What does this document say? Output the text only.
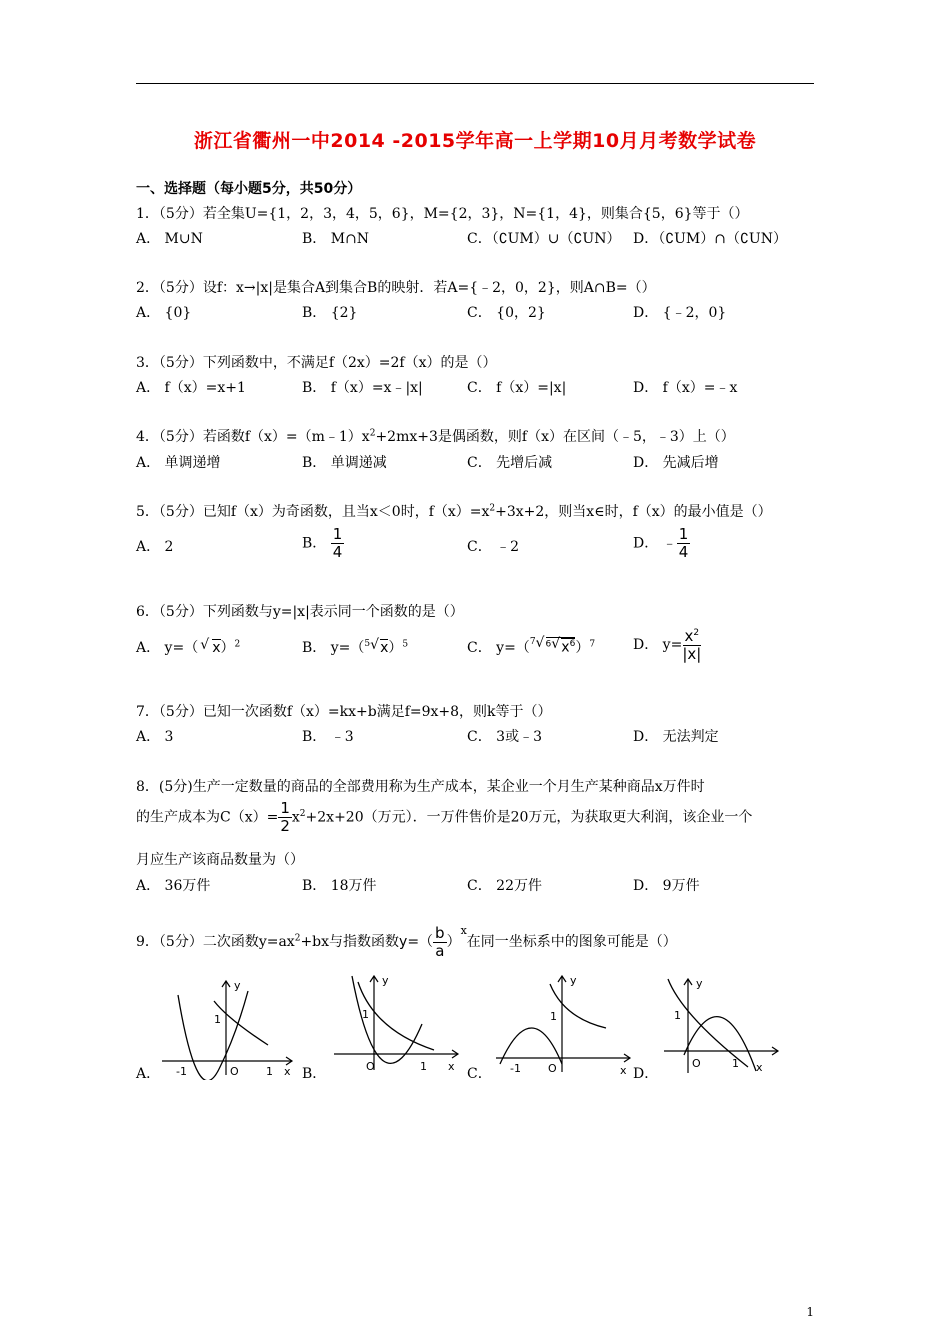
浙江省衢州一中2014 -2015学年高一上学期10月月考数学试卷
一、选择题（每小题5分，共50分）
1．（5分）若全集U={1，2，3，4，5，6}，M={2，3}，N={1，4}，则集合{5，6}等于（）
A． M∪N	B． M∩N	C．（∁UM）∪（∁UN） D．（∁UM）∩（∁UN）
2．（5分）设f：x→|x|是集合A到集合B的映射．若A={﹣2，0，2}，则A∩B=（）
A． {0}	B． {2}	C． {0，2}	D． {﹣2，0}
3．（5分）下列函数中，不满足f（2x）=2f（x）的是（）
A． f（x）=x+1	B． f（x）=x﹣|x|	C． f（x）=|x|	D． f（x）=﹣x
4．（5分）若函数$f(x)=(m﹣1)x^2+2mx+3$是偶函数，则f（x）在区间（﹣5，﹣3）上（）
A． 单调递增	B． 单调递减	C． 先增后减	D． 先减后增
5．（5分）已知f（x）为奇函数，且当x＜0时，$f(x)=x^2+3x+2$，则当x∈时，f（x）的最小值是（）
A． 2	B． $\frac{1}{4}$	C． ﹣2	D． ﹣ $\frac{1}{4}$
6．（5分）下列函数与y=|x|表示同一个函数的是（）
A． y=（ √ x）$^2$	B． y=（$^5$ √ x）$^5$	C． y=（$^7$ √ $^6$ √ $x^6)^7$	D． $y= \frac{x^2}{|x|}$
7．（5分）已知一次函数f（x）=kx+b满足f=9x+8，则k等于（）
A． 3	B． ﹣3	C． 3或﹣3	D． 无法判定
8．(5分)生产一定数量的商品的全部费用称为生产成本，某企业一个月生产某种商品x万件时
的生产成本为$C(x)= \frac{1}{2} x^2+2x+20$（万元）．一万件售价是20万元，为获取更大利润，该企业一个
月应生产该商品数量为（）
A． 36万件	B． 18万件	C． 22万件	D． 9万件
9．（5分）二次函数$y=ax^2+bx$与指数函数$y=( \frac{b}{a} )^x$在同一坐标系中的图象可能是（）
A．
y
x
1
O
-1	1 B．
y
x
1
O	1	C．
y
x
1
O
-1	D．
y
x
1
O	1
1
